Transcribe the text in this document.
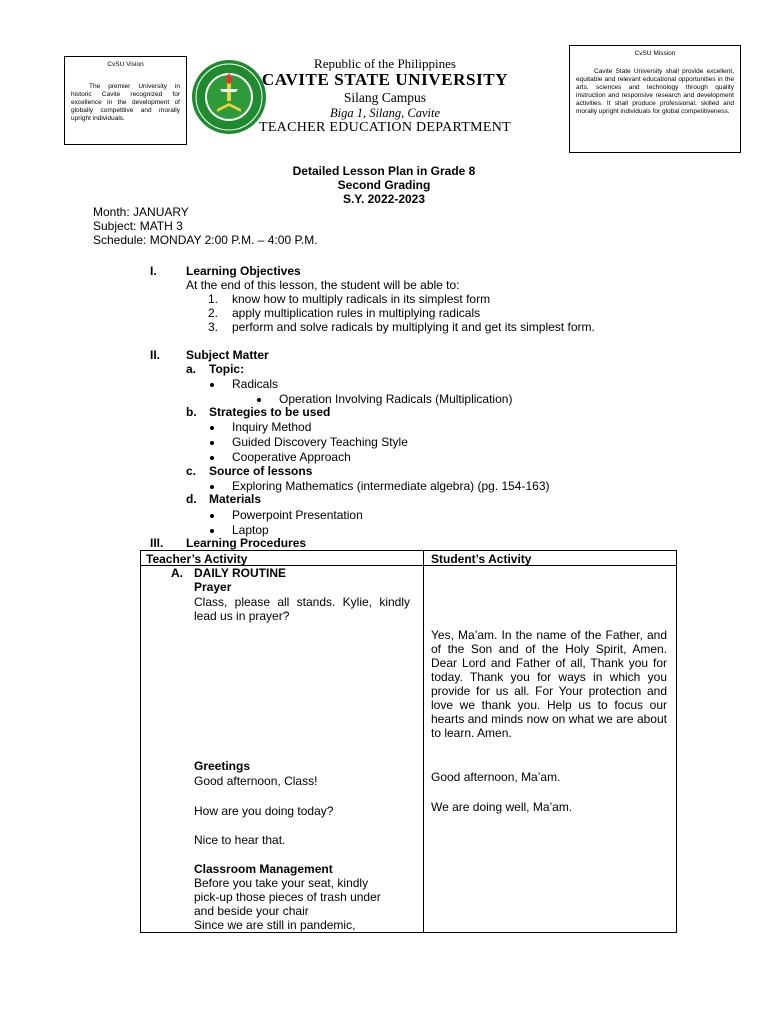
CvSU Vision
The premier University in historic Cavite recognized for excellence in the development of globally competitive and morally upright individuals.
CvSU Mission
Cavite State University shall provide excellent, equitable and relevant educational opportunities in the arts, sciences and technology through quality instruction and responsive research and development activities. It shall produce professional, skilled and morally upright individuals for global competitiveness.
Republic of the Philippines
CAVITE STATE UNIVERSITY
Silang Campus
Biga 1, Silang, Cavite
TEACHER EDUCATION DEPARTMENT
Detailed Lesson Plan in Grade 8
Second Grading
S.Y. 2022-2023
Month: JANUARY
Subject: MATH 3
Schedule: MONDAY 2:00 P.M. – 4:00 P.M.
I. Learning Objectives
At the end of this lesson, the student will be able to:
1. know how to multiply radicals in its simplest form
2. apply multiplication rules in multiplying radicals
3. perform and solve radicals by multiplying it and get its simplest form.
II. Subject Matter
a. Topic:
Radicals
Operation Involving Radicals (Multiplication)
b. Strategies to be used
Inquiry Method
Guided Discovery Teaching Style
Cooperative Approach
c. Source of lessons
Exploring Mathematics (intermediate algebra) (pg. 154-163)
d. Materials
Powerpoint Presentation
Laptop
III. Learning Procedures
Teacher’s Activity	Student’s Activity
A. DAILY ROUTINE
Prayer
Class, please all stands. Kylie, kindly lead us in prayer?
Yes, Ma’am. In the name of the Father, and of the Son and of the Holy Spirit, Amen. Dear Lord and Father of all, Thank you for today. Thank you for ways in which you provide for us all. For Your protection and love we thank you. Help us to focus our hearts and minds now on what we are about to learn. Amen.
Greetings
Good afternoon, Class!
How are you doing today?
Nice to hear that.
Good afternoon, Ma’am.
We are doing well, Ma’am.
Classroom Management
Before you take your seat, kindly
pick-up those pieces of trash under
and beside your chair
Since we are still in pandemic,
